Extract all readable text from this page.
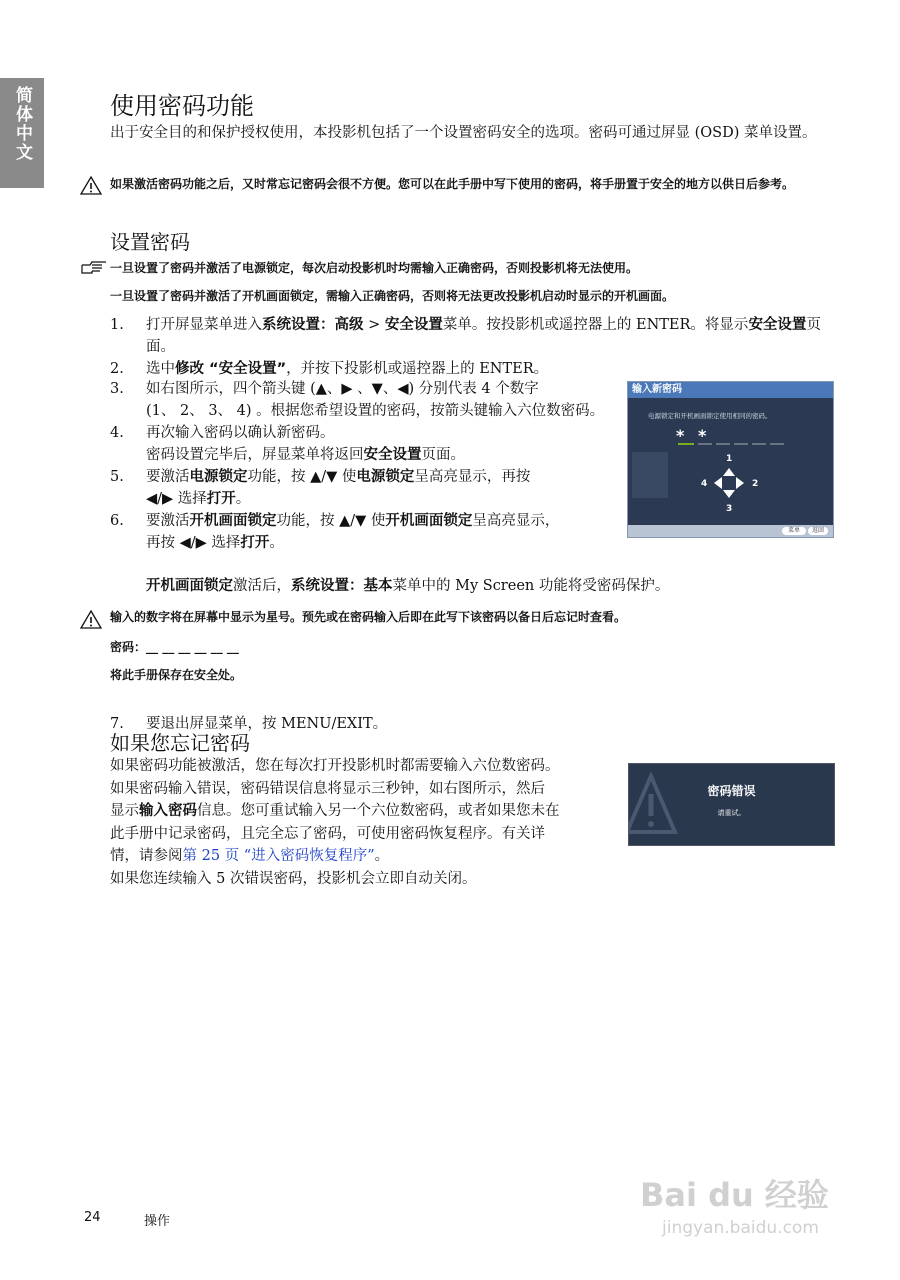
简体中文	使用密码功能
出于安全目的和保护授权使用，本投影机包括了一个设置密码安全的选项。密码可通过屏显 (OSD) 菜单设置。
如果激活密码功能之后，又时常忘记密码会很不方便。您可以在此手册中写下使用的密码，将手册置于安全的地方以供日后参考。
设置密码
一旦设置了密码并激活了电源锁定，每次启动投影机时均需输入正确密码，否则投影机将无法使用。
一旦设置了密码并激活了开机画面锁定，需输入正确密码，否则将无法更改投影机启动时显示的开机画面。
1. 打开屏显菜单进入系统设置：高级 > 安全设置菜单。按投影机或遥控器上的 ENTER。将显示安全设置页面。
2. 选中修改 “安全设置”，并按下投影机或遥控器上的 ENTER。
3. 如右图所示，四个箭头键 (▲、▶ 、▼、◀) 分别代表 4 个数字
(1、 2、 3、 4) 。根据您希望设置的密码，按箭头键输入六位数密码。
4. 再次输入密码以确认新密码。
密码设置完毕后，屏显菜单将返回安全设置页面。
5. 要激活电源锁定功能，按 ▲/▼ 使电源锁定呈高亮显示，再按
◀/▶ 选择打开。
6. 要激活开机画面锁定功能，按 ▲/▼ 使开机画面锁定呈高亮显示，
再按 ◀/▶ 选择打开。
开机画面锁定激活后，系统设置：基本菜单中的 My Screen 功能将受密码保护。
输入新密码
电源锁定和开机画面锁定使用相同的密码。
* *
1
2
3
4
菜单	返回
输入的数字将在屏幕中显示为星号。预先或在密码输入后即在此写下该密码以备日后忘记时查看。
密码：__ __ __ __ __ __
将此手册保存在安全处。
7. 要退出屏显菜单，按 MENU/EXIT。
如果您忘记密码
如果密码功能被激活，您在每次打开投影机时都需要输入六位数密码。
如果密码输入错误，密码错误信息将显示三秒钟，如右图所示，然后
显示输入密码信息。您可重试输入另一个六位数密码，或者如果您未在
此手册中记录密码，且完全忘了密码，可使用密码恢复程序。有关详
情，请参阅第 25 页 “进入密码恢复程序”。
如果您连续输入 5 次错误密码，投影机会立即自动关闭。
密码错误
请重试。
24	操作
Bai du 经验
jingyan.baidu.com
